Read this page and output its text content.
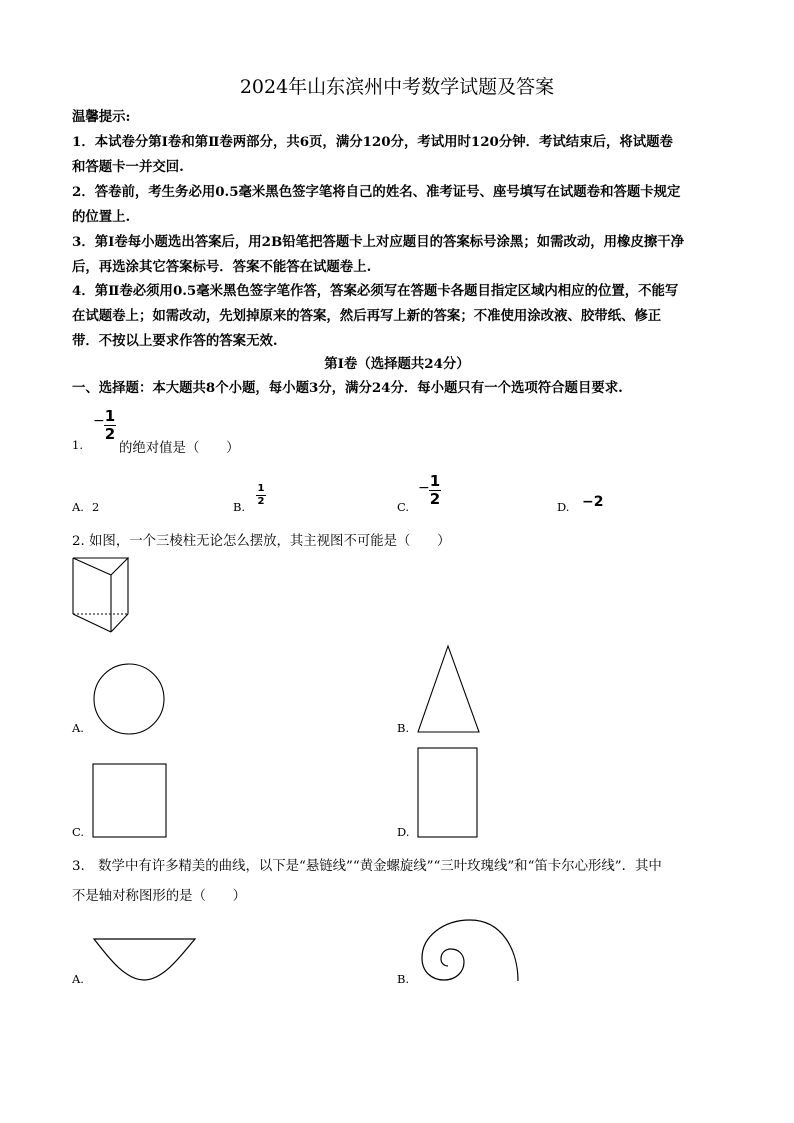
2024年山东滨州中考数学试题及答案
温馨提示:
1．本试卷分第Ⅰ卷和第Ⅱ卷两部分，共6页，满分120分，考试用时120分钟．考试结束后，将试题卷
和答题卡一并交回.
2．答卷前，考生务必用0.5毫米黑色签字笔将自己的姓名、准考证号、座号填写在试题卷和答题卡规定
的位置上.
3．第Ⅰ卷每小题选出答案后，用2B铅笔把答题卡上对应题目的答案标号涂黑；如需改动，用橡皮擦干净
后，再选涂其它答案标号．答案不能答在试题卷上.
4．第Ⅱ卷必须用0.5毫米黑色签字笔作答，答案必须写在答题卡各题目指定区域内相应的位置，不能写
在试题卷上；如需改动，先划掉原来的答案，然后再写上新的答案；不准使用涂改液、胶带纸、修正
带．不按以上要求作答的答案无效.
第Ⅰ卷（选择题共24分）
一、选择题：本大题共8个小题，每小题3分，满分24分．每小题只有一个选项符合题目要求.
1.
− 1
2
的绝对值是（　　）
A. 2	B.
1
2	C.
− 1
2	D. −2
2. 如图，一个三棱柱无论怎么摆放，其主视图不可能是（　　）
A.	B.
C.	D.
3.　数学中有许多精美的曲线，以下是“悬链线”“黄金螺旋线”“三叶玫瑰线”和“笛卡尔心形线”．其中
不是轴对称图形的是（　　）
A.	B.
